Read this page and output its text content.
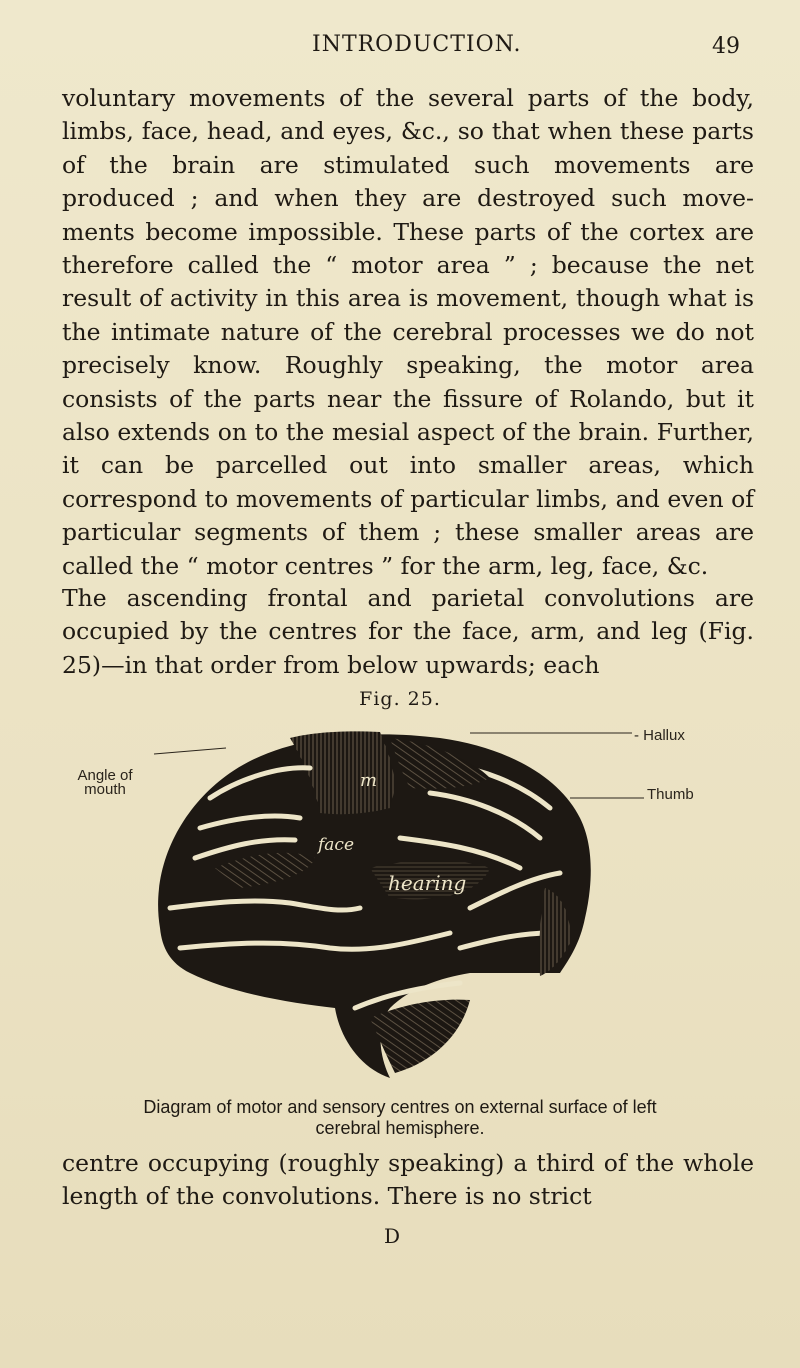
INTRODUCTION.	49

voluntary movements of the several parts of the body, limbs, face, head, and eyes, &c., so that when these parts of the brain are stimulated such movements are produced ; and when they are destroyed such move- ments become impossible. These parts of the cortex are therefore called the “ motor area ” ; because the net result of activity in this area is movement, though what is the intimate nature of the cerebral processes we do not precisely know. Roughly speaking, the motor area consists of the parts near the fissure of Rolando, but it also extends on to the mesial aspect of the brain. Further, it can be parcelled out into smaller areas, which correspond to movements of particular limbs, and even of particular segments of them ; these smaller areas are called the “ motor centres ” for the arm, leg, face, &c.

The ascending frontal and parietal convolutions are occupied by the centres for the face, arm, and leg (Fig. 25)—in that order from below upwards; each

Fig. 25.
- Hallux
Thumb
Angle of mouth
hearing
face
m
Diagram of motor and sensory centres on external surface of left cerebral hemisphere.

centre occupying (roughly speaking) a third of the whole length of the convolutions. There is no strict

D
